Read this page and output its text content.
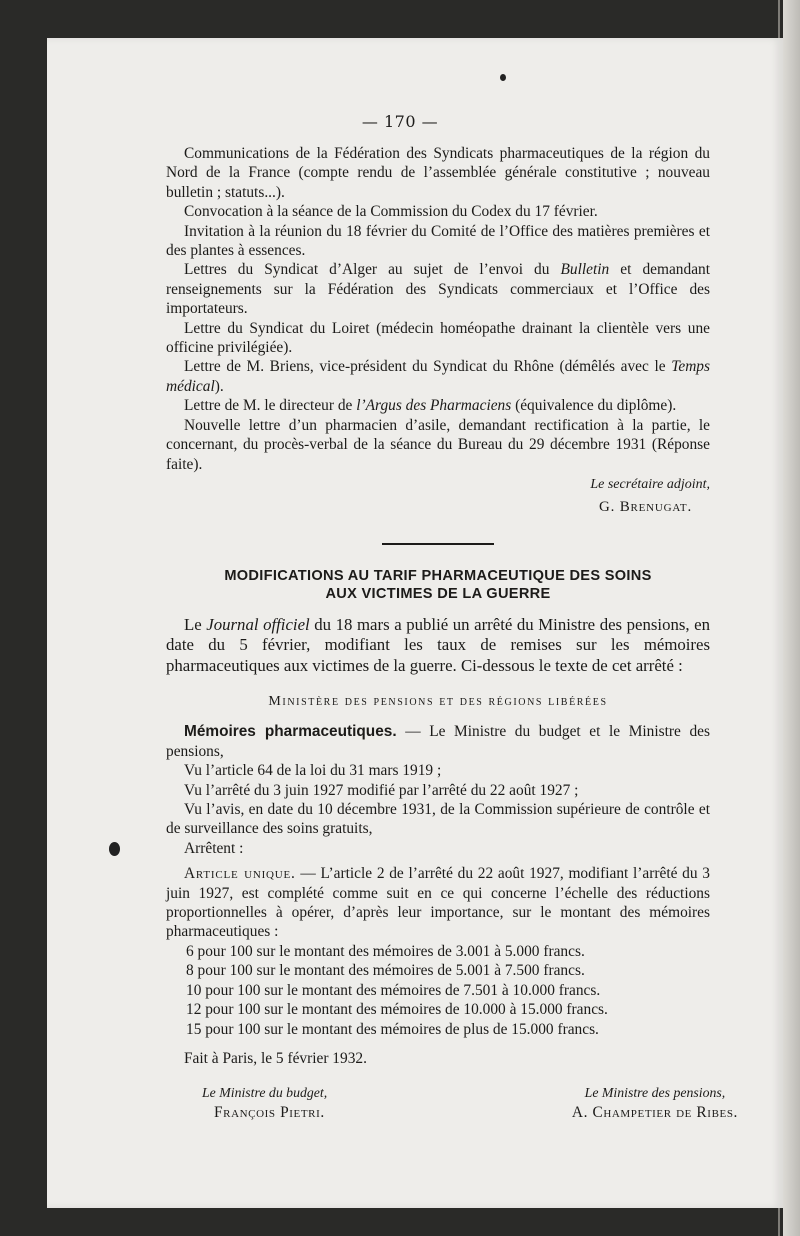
— 170 —

Communications de la Fédération des Syndicats pharmaceutiques de la région du Nord de la France (compte rendu de l’assemblée générale constitutive ; nouveau bulletin ; statuts...).

Convocation à la séance de la Commission du Codex du 17 février.

Invitation à la réunion du 18 février du Comité de l’Office des matières premières et des plantes à essences.

Lettres du Syndicat d’Alger au sujet de l’envoi du Bulletin et demandant renseignements sur la Fédération des Syndicats commerciaux et l’Office des importateurs.

Lettre du Syndicat du Loiret (médecin homéopathe drainant la clientèle vers une officine privilégiée).

Lettre de M. Briens, vice-président du Syndicat du Rhône (démêlés avec le Temps médical).

Lettre de M. le directeur de l’Argus des Pharmaciens (équivalence du diplôme).

Nouvelle lettre d’un pharmacien d’asile, demandant rectification à la partie, le concernant, du procès-verbal de la séance du Bureau du 29 décembre 1931 (Réponse faite).

Le secrétaire adjoint,
G. Brenugat.
MODIFICATIONS AU TARIF PHARMACEUTIQUE DES SOINS
AUX VICTIMES DE LA GUERRE

Le Journal officiel du 18 mars a publié un arrêté du Ministre des pensions, en date du 5 février, modifiant les taux de remises sur les mémoires pharmaceutiques aux victimes de la guerre. Ci-dessous le texte de cet arrêté :

Ministère des pensions et des régions libérées

Mémoires pharmaceutiques. — Le Ministre du budget et le Ministre des pensions,

Vu l’article 64 de la loi du 31 mars 1919 ;

Vu l’arrêté du 3 juin 1927 modifié par l’arrêté du 22 août 1927 ;

Vu l’avis, en date du 10 décembre 1931, de la Commission supérieure de contrôle et de surveillance des soins gratuits,

Arrêtent :

Article unique. — L’article 2 de l’arrêté du 22 août 1927, modifiant l’arrêté du 3 juin 1927, est complété comme suit en ce qui concerne l’échelle des réductions proportionnelles à opérer, d’après leur importance, sur le montant des mémoires pharmaceutiques :

6 pour 100 sur le montant des mémoires de 3.001 à 5.000 francs.

8 pour 100 sur le montant des mémoires de 5.001 à 7.500 francs.

10 pour 100 sur le montant des mémoires de 7.501 à 10.000 francs.

12 pour 100 sur le montant des mémoires de 10.000 à 15.000 francs.

15 pour 100 sur le montant des mémoires de plus de 15.000 francs.

Fait à Paris, le 5 février 1932.

Le Ministre du budget,
François Pietri.
Le Ministre des pensions,
A. Champetier de Ribes.
